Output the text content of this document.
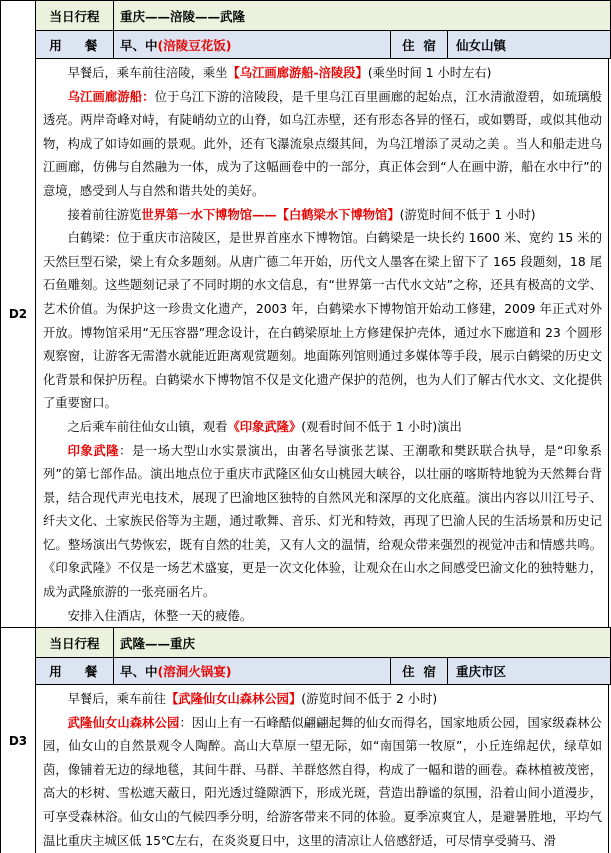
D2
当日行程	重庆——涪陵——武隆
用   餐	早、中(涪陵豆花饭)	住  宿	仙女山镇

早餐后，乘车前往涪陵，乘坐【乌江画廊游船-涪陵段】(乘坐时间 1 小时左右)

乌江画廊游船：位于乌江下游的涪陵段，是千里乌江百里画廊的起始点，江水清澈澄碧，如琉璃般透亮。两岸奇峰对峙，有陡峭幼立的山脊，如乌江赤壁，还有形态各异的怪石，或如鹦哥，或似其他动物，构成了如诗如画的景观。此外，还有飞瀑流泉点缀其间，为乌江增添了灵动之美 。当人和船走进乌江画廊，仿佛与自然融为一体，成为了这幅画卷中的一部分，真正体会到“人在画中游，船在水中行”的意境，感受到人与自然和谐共处的美好。

接着前往游览世界第一水下博物馆——【白鹤梁水下博物馆】(游览时间不低于 1 小时)

白鹤梁：位于重庆市涪陵区，是世界首座水下博物馆。白鹤梁是一块长约 1600 米、宽约 15 米的天然巨型石梁，梁上有众多题刻。从唐广德二年开始，历代文人墨客在梁上留下了 165 段题刻，18 尾石鱼雕刻。这些题刻记录了不同时期的水文信息，有“世界第一古代水文站”之称，还具有极高的文学、艺术价值。为保护这一珍贵文化遗产，2003 年，白鹤梁水下博物馆开始动工修建，2009 年正式对外开放。博物馆采用“无压容器”理念设计，在白鹤梁原址上方修建保护壳体，通过水下廊道和 23 个圆形观察窗，让游客无需潜水就能近距离观赏题刻。地面陈列馆则通过多媒体等手段，展示白鹤梁的历史文化背景和保护历程。白鹤梁水下博物馆不仅是文化遗产保护的范例，也为人们了解古代水文、文化提供了重要窗口。

之后乘车前往仙女山镇，观看《印象武隆》(观看时间不低于 1 小时)演出

印象武隆：是一场大型山水实景演出，由著名导演张艺谋、王潮歌和樊跃联合执导，是“印象系列”的第七部作品。演出地点位于重庆市武隆区仙女山桃园大峡谷，以壮丽的喀斯特地貌为天然舞台背景，结合现代声光电技术，展现了巴渝地区独特的自然风光和深厚的文化底蕴。演出内容以川江号子、纤夫文化、土家族民俗等为主题，通过歌舞、音乐、灯光和特效，再现了巴渝人民的生活场景和历史记忆。整场演出气势恢宏，既有自然的壮美，又有人文的温情，给观众带来强烈的视觉冲击和情感共鸣。《印象武隆》不仅是一场艺术盛宴，更是一次文化体验，让观众在山水之间感受巴渝文化的独特魅力，成为武隆旅游的一张亮丽名片。

安排入住酒店，休整一天的疲倦。

D3
当日行程	武隆——重庆
用   餐	早、中(溶洞火锅宴)	住  宿	重庆市区

早餐后，乘车前往【武隆仙女山森林公园】(游览时间不低于 2 小时)

武隆仙女山森林公园：因山上有一石峰酷似翩翩起舞的仙女而得名，国家地质公园，国家级森林公园，仙女山的自然景观令人陶醉。高山大草原一望无际，如“南国第一牧原”，小丘连绵起伏，绿草如茵，像铺着无边的绿地毯，其间牛群、马群、羊群悠然自得，构成了一幅和谐的画卷。森林植被茂密，高大的杉树、雪松遮天蔽日，阳光透过缝隙洒下，形成光斑，营造出静谧的氛围，沿着山间小道漫步，可享受森林浴。仙女山的气候四季分明，给游客带来不同的体验。夏季凉爽宜人，是避暑胜地，平均气温比重庆主城区低 15℃左右，在炎炎夏日中，这里的清凉让人倍感舒适，可尽情享受骑马、滑
